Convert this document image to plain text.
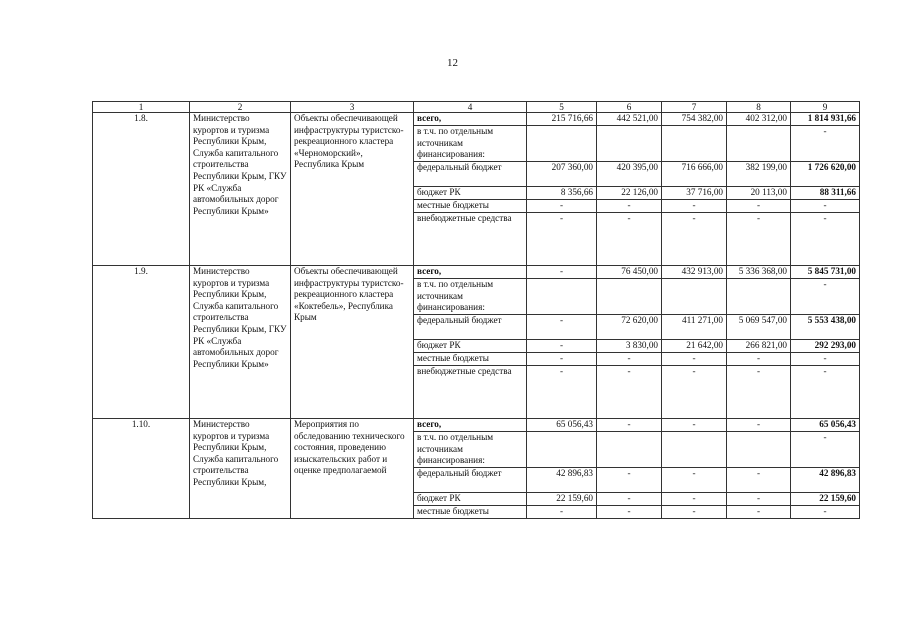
12
1	2	3	4	5	6	7	8	9
1.8.	Министерство курортов и туризма Республики Крым, Служба капитального строительства Республики Крым, ГКУ РК «Служба автомобильных дорог Республики Крым»	Объекты обеспечивающей инфраструктуры туристско-рекреационного кластера «Черноморский», Республика Крым	всего,	215 716,66	442 521,00	754 382,00	402 312,00	1 814 931,66
			в т.ч. по отдельным источникам финансирования:					-
			федеральный бюджет	207 360,00	420 395,00	716 666,00	382 199,00	1 726 620,00
			бюджет РК	8 356,66	22 126,00	37 716,00	20 113,00	88 311,66
			местные бюджеты	-	-	-	-	-
			внебюджетные средства	-	-	-	-	-
1.9.	Министерство курортов и туризма Республики Крым, Служба капитального строительства Республики Крым, ГКУ РК «Служба автомобильных дорог Республики Крым»	Объекты обеспечивающей инфраструктуры туристско-рекреационного кластера «Коктебель», Республика Крым	всего,	-	76 450,00	432 913,00	5 336 368,00	5 845 731,00
			в т.ч. по отдельным источникам финансирования:					-
			федеральный бюджет	-	72 620,00	411 271,00	5 069 547,00	5 553 438,00
			бюджет РК	-	3 830,00	21 642,00	266 821,00	292 293,00
			местные бюджеты	-	-	-	-	-
			внебюджетные средства	-	-	-	-	-
1.10.	Министерство курортов и туризма Республики Крым, Служба капитального строительства Республики Крым,	Мероприятия по обследованию технического состояния, проведению изыскательских работ и оценке предполагаемой	всего,	65 056,43	-	-	-	65 056,43
			в т.ч. по отдельным источникам финансирования:					-
			федеральный бюджет	42 896,83	-	-	-	42 896,83
			бюджет РК	22 159,60	-	-	-	22 159,60
			местные бюджеты	-	-	-	-	-
